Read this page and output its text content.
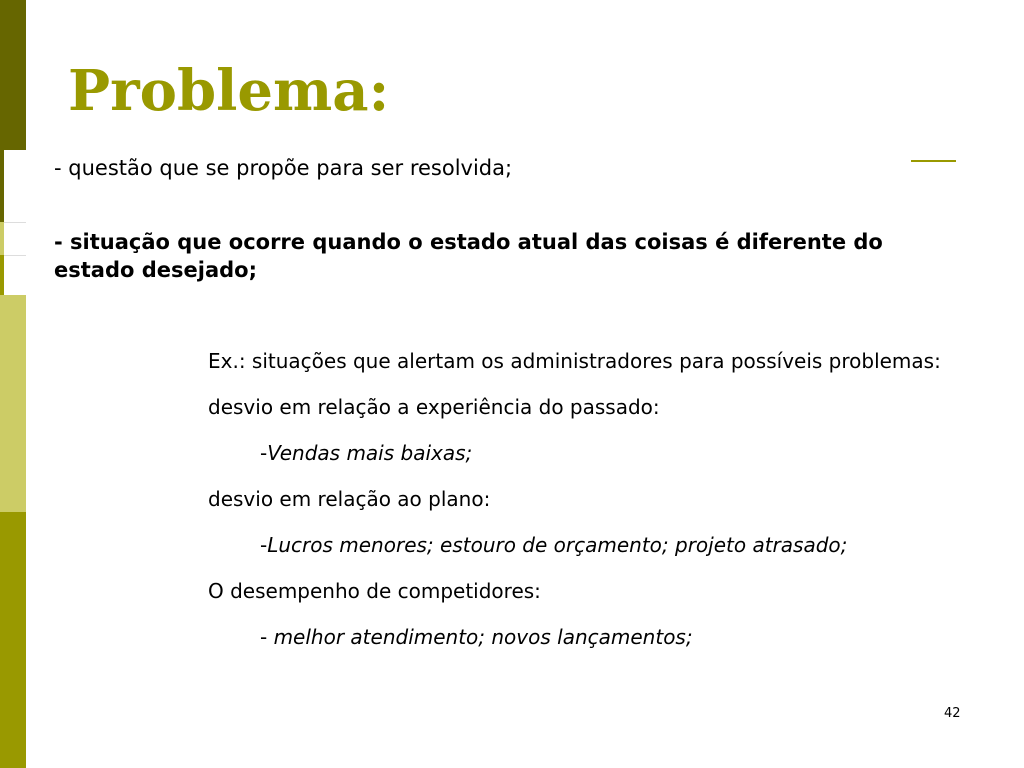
Problema:
- questão que se propõe para ser resolvida;
- situação que ocorre quando o estado atual das coisas é diferente do estado desejado;

Ex.: situações que alertam os administradores para possíveis problemas:

desvio em relação a experiência do passado:

-Vendas mais baixas;

desvio em relação ao plano:

-Lucros menores; estouro de orçamento; projeto atrasado;

O desempenho de competidores:

- melhor atendimento; novos lançamentos;

42
